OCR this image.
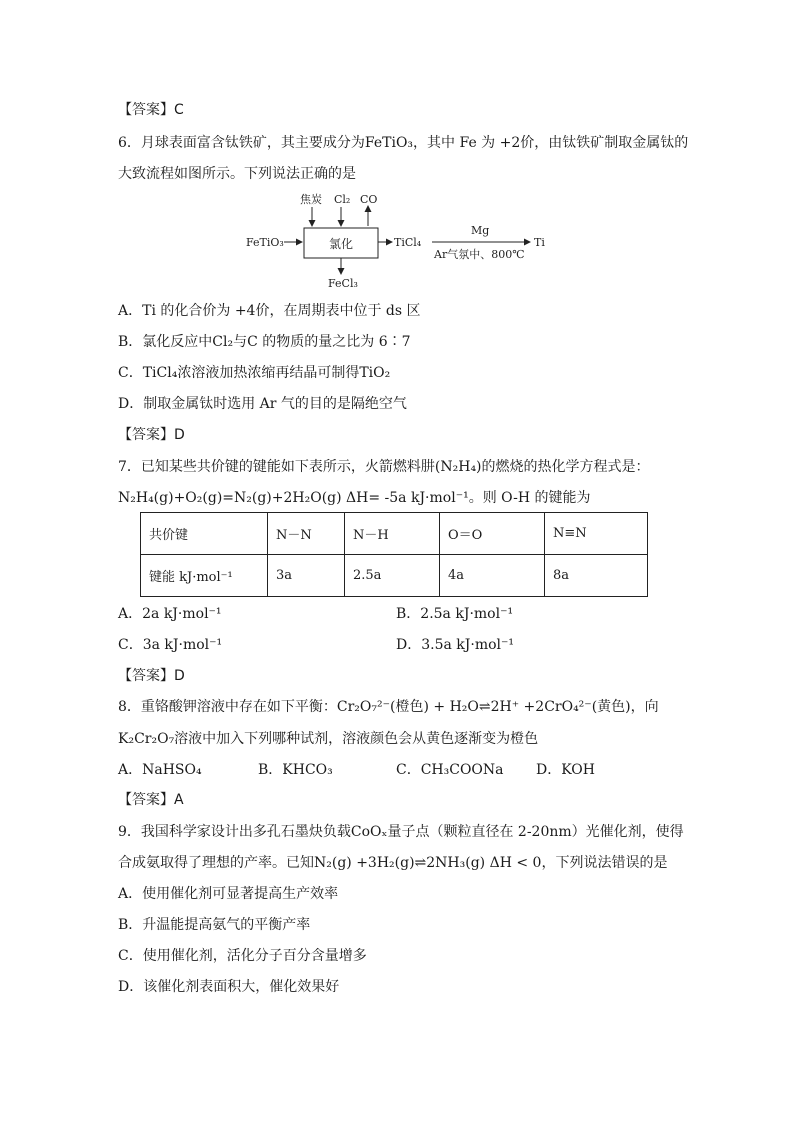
【答案】C
6．月球表面富含钛铁矿，其主要成分为FeTiO₃，其中 Fe 为 +2价，由钛铁矿制取金属钛的
大致流程如图所示。下列说法正确的是
焦炭 Cl₂ CO
FeTiO₃	TiCl₄
FeCl₃
Mg
Ar气氛中、800℃
Ti
氯化
A．Ti 的化合价为 +4价，在周期表中位于 ds 区
B．氯化反应中Cl₂与C 的物质的量之比为 6∶7
C．TiCl₄浓溶液加热浓缩再结晶可制得TiO₂
D．制取金属钛时选用 Ar 气的目的是隔绝空气
【答案】D
7．已知某些共价键的键能如下表所示，火箭燃料肼(N₂H₄)的燃烧的热化学方程式是：
N₂H₄(g)+O₂(g)=N₂(g)+2H₂O(g) ΔH= -5a kJ·mol⁻¹。则 O-H 的键能为
共价键	N－N	N－H	O＝O	N≡N
键能 kJ·mol⁻¹	3a	2.5a	4a	8a
A．2a kJ·mol⁻¹	B．2.5a kJ·mol⁻¹
C．3a kJ·mol⁻¹	D．3.5a kJ·mol⁻¹
【答案】D
8．重铬酸钾溶液中存在如下平衡：Cr₂O₇²⁻(橙色) + H₂O⇌2H⁺ +2CrO₄²⁻(黄色)，向
K₂Cr₂O₇溶液中加入下列哪种试剂，溶液颜色会从黄色逐渐变为橙色
A．NaHSO₄	B．KHCO₃	C．CH₃COONa D．KOH
【答案】A
9．我国科学家设计出多孔石墨炔负载CoOₓ量子点（颗粒直径在 2-20nm）光催化剂，使得
合成氨取得了理想的产率。已知N₂(g) +3H₂(g)⇌2NH₃(g) ΔH < 0，下列说法错误的是
A．使用催化剂可显著提高生产效率
B．升温能提高氨气的平衡产率
C．使用催化剂，活化分子百分含量增多
D．该催化剂表面积大，催化效果好
